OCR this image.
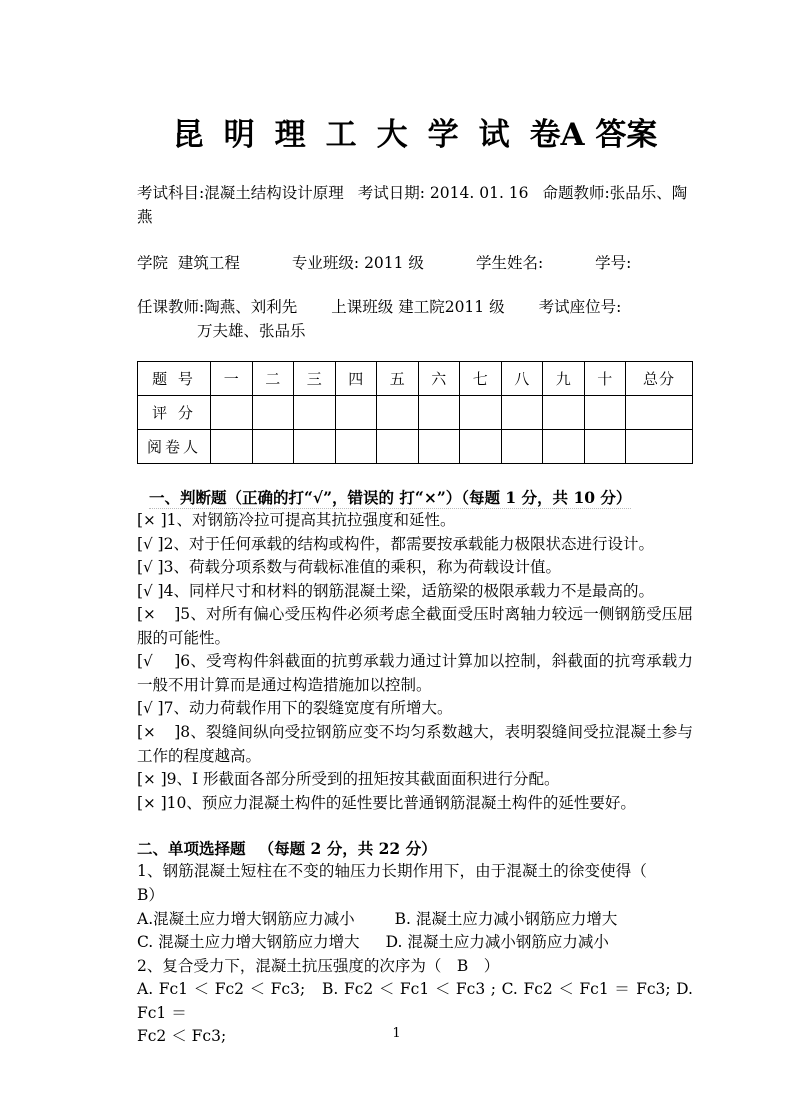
昆 明 理 工 大 学 试 卷A 答案
考试科目:混凝土结构设计原理 考试日期: 2014. 01. 16 命题教师:张品乐、陶
燕
学院 建筑工程	专业班级: 2011 级	学生姓名:	学号:
任课教师:陶燕、刘利先 上课班级 建工院2011 级 考试座位号:
万夫雄、张品乐
题 号	一	二	三	四	五	六	七	八	九	十	总分
评 分											
阅卷人											
一、判断题（正确的打“√”，错误的 打“×”）（每题 1 分，共 10 分）
[× ]1、对钢筋冷拉可提高其抗拉强度和延性。
[√ ]2、对于任何承载的结构或构件，都需要按承载能力极限状态进行设计。
[√ ]3、荷载分项系数与荷载标准值的乘积，称为荷载设计值。
[√ ]4、同样尺寸和材料的钢筋混凝土梁，适筋梁的极限承载力不是最高的。
[× ]5、对所有偏心受压构件必须考虑全截面受压时离轴力较远一侧钢筋受压屈服的可能性。
[√ ]6、受弯构件斜截面的抗剪承载力通过计算加以控制，斜截面的抗弯承载力一般不用计算而是通过构造措施加以控制。
[√ ]7、动力荷载作用下的裂缝宽度有所增大。
[× ]8、裂缝间纵向受拉钢筋应变不均匀系数越大，表明裂缝间受拉混凝土参与工作的程度越高。
[× ]9、I 形截面各部分所受到的扭矩按其截面面积进行分配。
[× ]10、预应力混凝土构件的延性要比普通钢筋混凝土构件的延性要好。
二、单项选择题 　（每题 2 分，共 22 分）
1、钢筋混凝土短柱在不变的轴压力长期作用下，由于混凝土的徐变使得（B）
A.混凝土应力增大钢筋应力减小	B. 混凝土应力减小钢筋应力增大
C. 混凝土应力增大钢筋应力增大 D. 混凝土应力减小钢筋应力减小
2、复合受力下，混凝土抗压强度的次序为（　B　）
A. Fc1 ＜ Fc2 ＜ Fc3;　B. Fc2 ＜ Fc1 ＜ Fc3 ; C. Fc2 ＜ Fc1 ＝ Fc3; D. Fc1 ＝
Fc2 ＜ Fc3;	1
